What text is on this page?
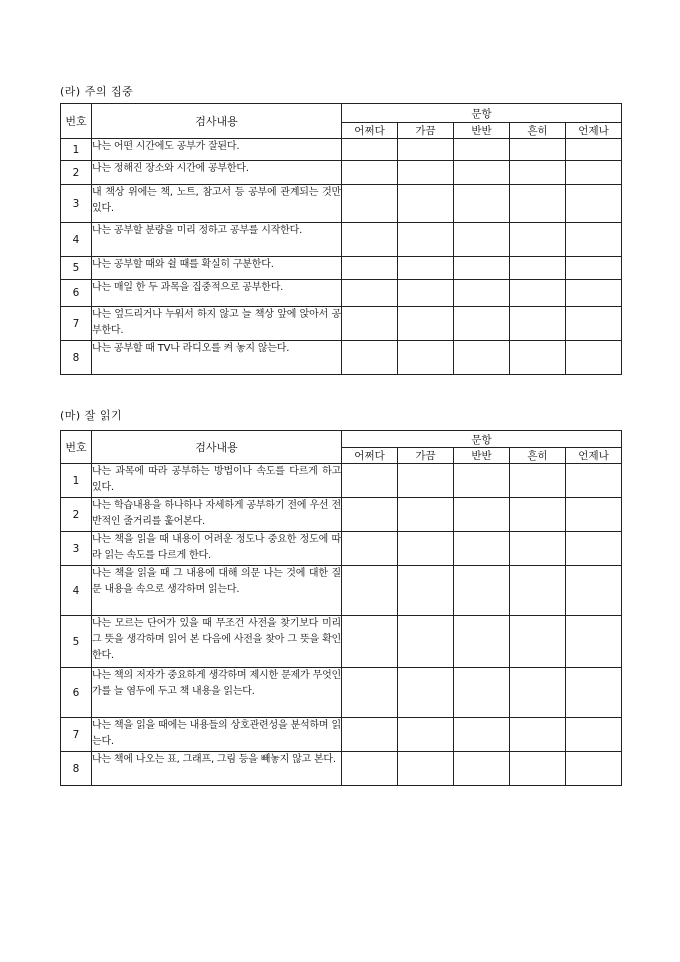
(라) 주의 집중
번호	검사내용	문항				
		어쩌다	가끔	반반	흔히	언제나
1	나는 어떤 시간에도 공부가 잘된다.					
2	나는 정해진 장소와 시간에 공부한다.					
3	내 책상 위에는 책, 노트, 참고서 등 공부에 관계되는 것만 있다.					
4	나는 공부할 분량을 미리 정하고 공부를 시작한다.					
5	나는 공부할 때와 쉴 때를 확실히 구분한다.					
6	나는 매일 한 두 과목을 집중적으로 공부한다.					
7	나는 엎드리거나 누워서 하지 않고 늘 책상 앞에 앉아서 공부한다.					
8	나는 공부할 때 TV나 라디오를 켜 놓지 않는다.					
(마) 잘 읽기
번호	검사내용	문항				
		어쩌다	가끔	반반	흔히	언제나
1	나는 과목에 따라 공부하는 방법이나 속도를 다르게 하고 있다.					
2	나는 학습내용을 하나하나 자세하게 공부하기 전에 우선 전반적인 줄거리를 훑어본다.					
3	나는 책을 읽을 때 내용이 어려운 정도나 중요한 정도에 따라 읽는 속도를 다르게 한다.					
4	나는 책을 읽을 때 그 내용에 대해 의문 나는 것에 대한 질문 내용을 속으로 생각하며 읽는다.					
5	나는 모르는 단어가 있을 때 무조건 사전을 찾기보다 미리 그 뜻을 생각하며 읽어 본 다음에 사전을 찾아 그 뜻을 확인한다.					
6	나는 책의 저자가 중요하게 생각하며 제시한 문제가 무엇인가를 늘 염두에 두고 책 내용을 읽는다.					
7	나는 책을 읽을 때에는 내용들의 상호관련성을 분석하며 읽는다.					
8	나는 책에 나오는 표, 그래프, 그림 등을 빼놓지 않고 본다.					
